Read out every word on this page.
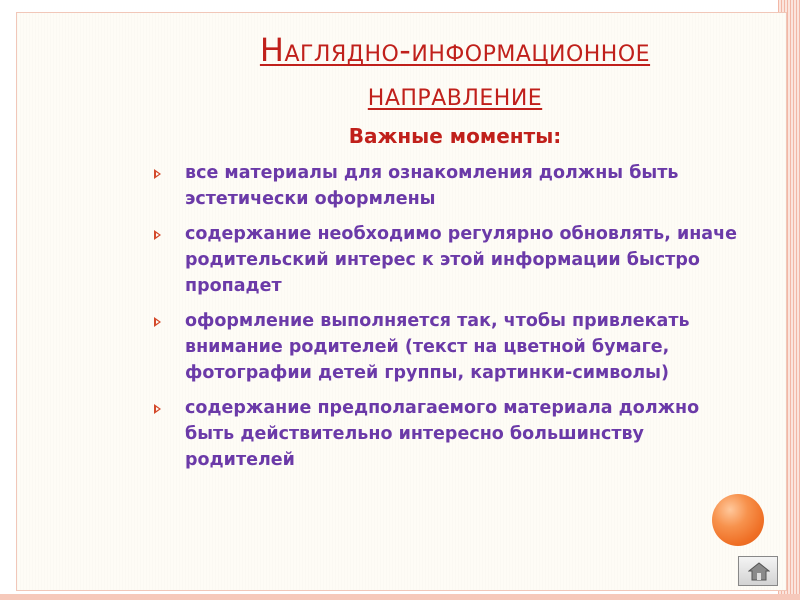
Наглядно-информационное
направление
Важные моменты:
все материалы для ознакомления должны быть эстетически оформлены
содержание необходимо регулярно обновлять, иначе родительский интерес к этой информации быстро пропадет
оформление выполняется так, чтобы привлекать внимание родителей (текст на цветной бумаге, фотографии детей группы, картинки-символы)
содержание предполагаемого материала должно быть действительно интересно большинству родителей
